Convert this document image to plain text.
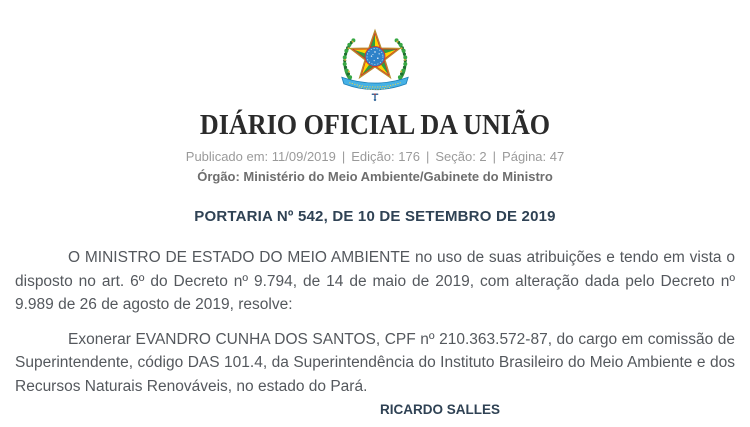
DIÁRIO OFICIAL DA UNIÃO
Publicado em: 11/09/2019 | Edição: 176 | Seção: 2 | Página: 47
Órgão: Ministério do Meio Ambiente/Gabinete do Ministro
PORTARIA Nº 542, DE 10 DE SETEMBRO DE 2019

O MINISTRO DE ESTADO DO MEIO AMBIENTE no uso de suas atribuições e tendo em vista o disposto no art. 6º do Decreto nº 9.794, de 14 de maio de 2019, com alteração dada pelo Decreto nº 9.989 de 26 de agosto de 2019, resolve:

Exonerar EVANDRO CUNHA DOS SANTOS, CPF nº 210.363.572-87, do cargo em comissão de Superintendente, código DAS 101.4, da Superintendência do Instituto Brasileiro do Meio Ambiente e dos Recursos Naturais Renováveis, no estado do Pará.

RICARDO SALLES
